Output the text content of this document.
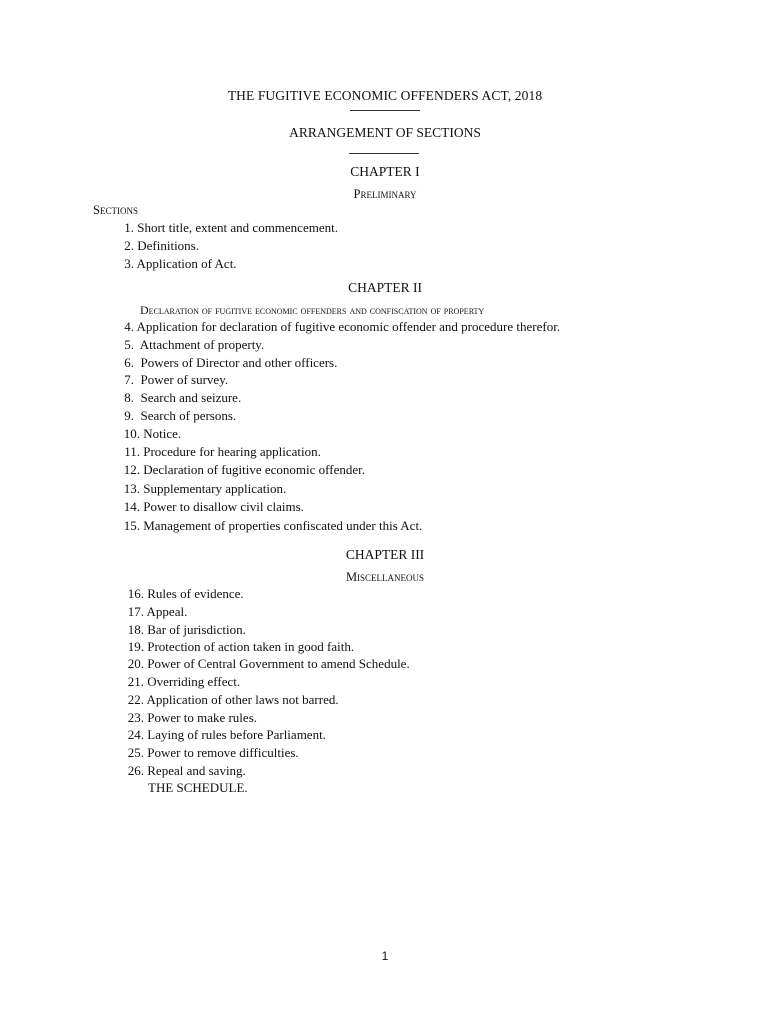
THE FUGITIVE ECONOMIC OFFENDERS ACT, 2018
ARRANGEMENT OF SECTIONS
CHAPTER I
Preliminary
Sections
1. Short title, extent and commencement.
2. Definitions.
3. Application of Act.
CHAPTER II
Declaration of fugitive economic offenders and confiscation of property
4. Application for declaration of fugitive economic offender and procedure therefor.
5. Attachment of property.
6. Powers of Director and other officers.
7. Power of survey.
8. Search and seizure.
9. Search of persons.
10. Notice.
11. Procedure for hearing application.
12. Declaration of fugitive economic offender.
13. Supplementary application.
14. Power to disallow civil claims.
15. Management of properties confiscated under this Act.
CHAPTER III
Miscellaneous
16. Rules of evidence.
17. Appeal.
18. Bar of jurisdiction.
19. Protection of action taken in good faith.
20. Power of Central Government to amend Schedule.
21. Overriding effect.
22. Application of other laws not barred.
23. Power to make rules.
24. Laying of rules before Parliament.
25. Power to remove difficulties.
26. Repeal and saving.
THE SCHEDULE.
1
